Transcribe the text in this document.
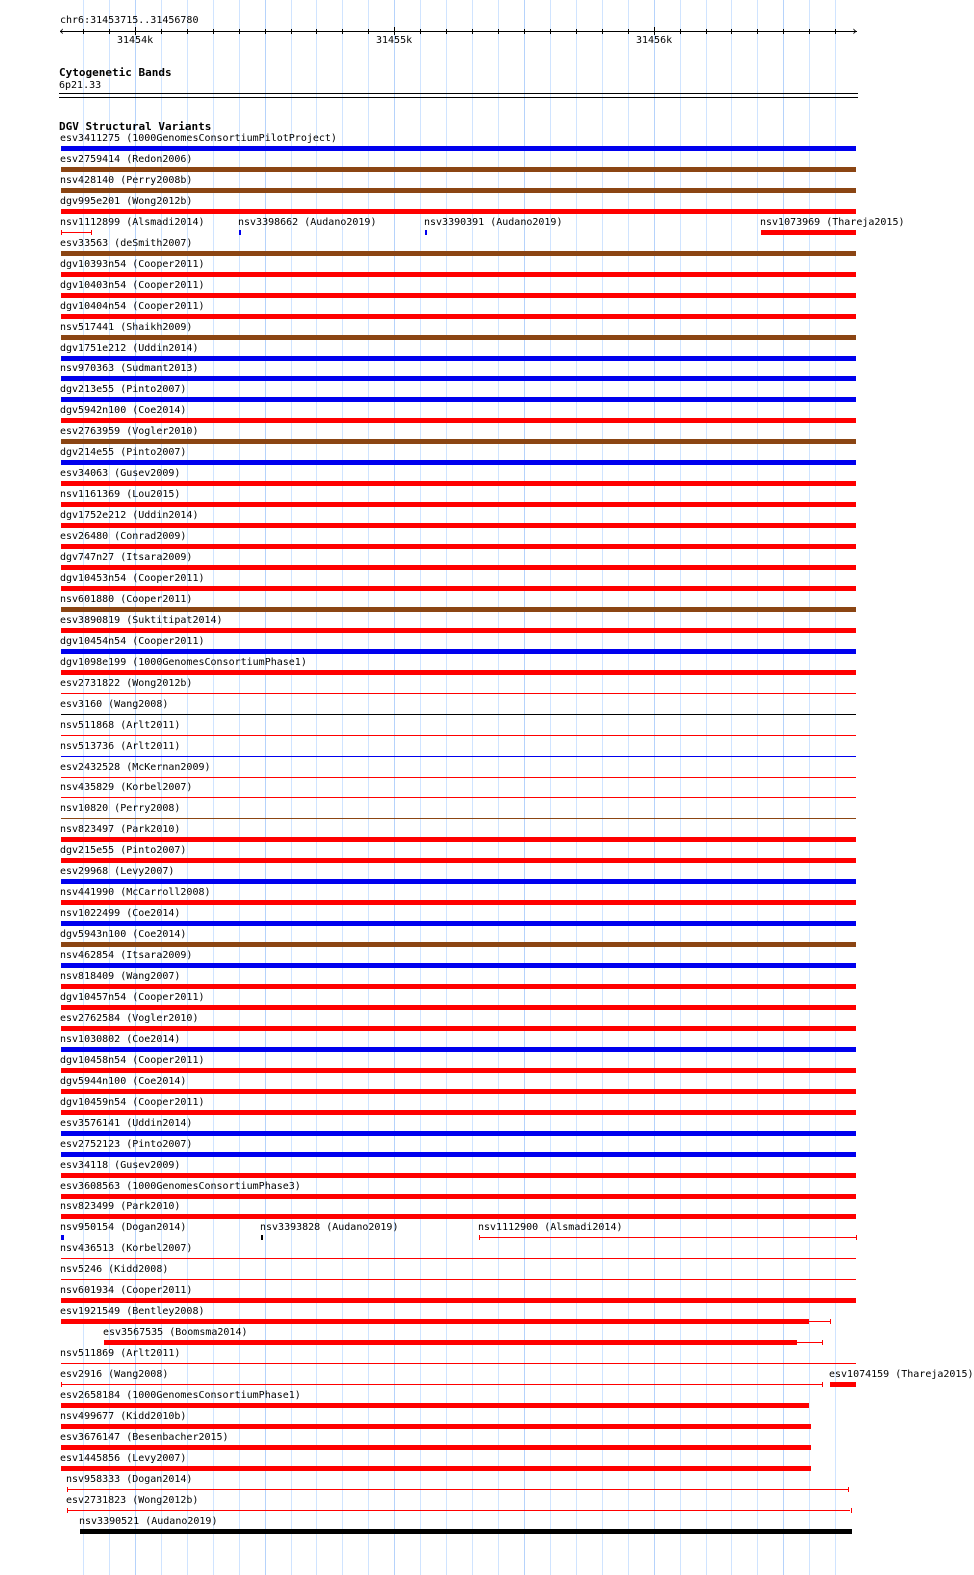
chr6:31453715..31456780
‹	›
31454k	31455k	31456k
Cytogenetic Bands
6p21.33
DGV Structural Variants
esv3411275 (1000GenomesConsortiumPilotProject)
esv2759414 (Redon2006)
nsv428140 (Perry2008b)
dgv995e201 (Wong2012b)
nsv1112899 (Alsmadi2014)	nsv3398662 (Audano2019)	nsv3390391 (Audano2019)	nsv1073969 (Thareja2015)
esv33563 (deSmith2007)
dgv10393n54 (Cooper2011)
dgv10403n54 (Cooper2011)
dgv10404n54 (Cooper2011)
nsv517441 (Shaikh2009)
dgv1751e212 (Uddin2014)
nsv970363 (Sudmant2013)
dgv213e55 (Pinto2007)
dgv5942n100 (Coe2014)
esv2763959 (Vogler2010)
dgv214e55 (Pinto2007)
esv34063 (Gusev2009)
nsv1161369 (Lou2015)
dgv1752e212 (Uddin2014)
esv26480 (Conrad2009)
dgv747n27 (Itsara2009)
dgv10453n54 (Cooper2011)
nsv601880 (Cooper2011)
esv3890819 (Suktitipat2014)
dgv10454n54 (Cooper2011)
dgv1098e199 (1000GenomesConsortiumPhase1)
esv2731822 (Wong2012b)
esv3160 (Wang2008)
nsv511868 (Arlt2011)
nsv513736 (Arlt2011)
esv2432528 (McKernan2009)
nsv435829 (Korbel2007)
nsv10820 (Perry2008)
nsv823497 (Park2010)
dgv215e55 (Pinto2007)
esv29968 (Levy2007)
nsv441990 (McCarroll2008)
nsv1022499 (Coe2014)
dgv5943n100 (Coe2014)
nsv462854 (Itsara2009)
nsv818409 (Wang2007)
dgv10457n54 (Cooper2011)
esv2762584 (Vogler2010)
nsv1030802 (Coe2014)
dgv10458n54 (Cooper2011)
dgv5944n100 (Coe2014)
dgv10459n54 (Cooper2011)
esv3576141 (Uddin2014)
esv2752123 (Pinto2007)
esv34118 (Gusev2009)
esv3608563 (1000GenomesConsortiumPhase3)
nsv823499 (Park2010)
nsv950154 (Dogan2014)	nsv3393828 (Audano2019)	nsv1112900 (Alsmadi2014)
nsv436513 (Korbel2007)
nsv5246 (Kidd2008)
nsv601934 (Cooper2011)
esv1921549 (Bentley2008)
esv3567535 (Boomsma2014)
nsv511869 (Arlt2011)
esv2916 (Wang2008)	esv1074159 (Thareja2015)
esv2658184 (1000GenomesConsortiumPhase1)
nsv499677 (Kidd2010b)
esv3676147 (Besenbacher2015)
esv1445856 (Levy2007)
nsv958333 (Dogan2014)
esv2731823 (Wong2012b)
nsv3390521 (Audano2019)
